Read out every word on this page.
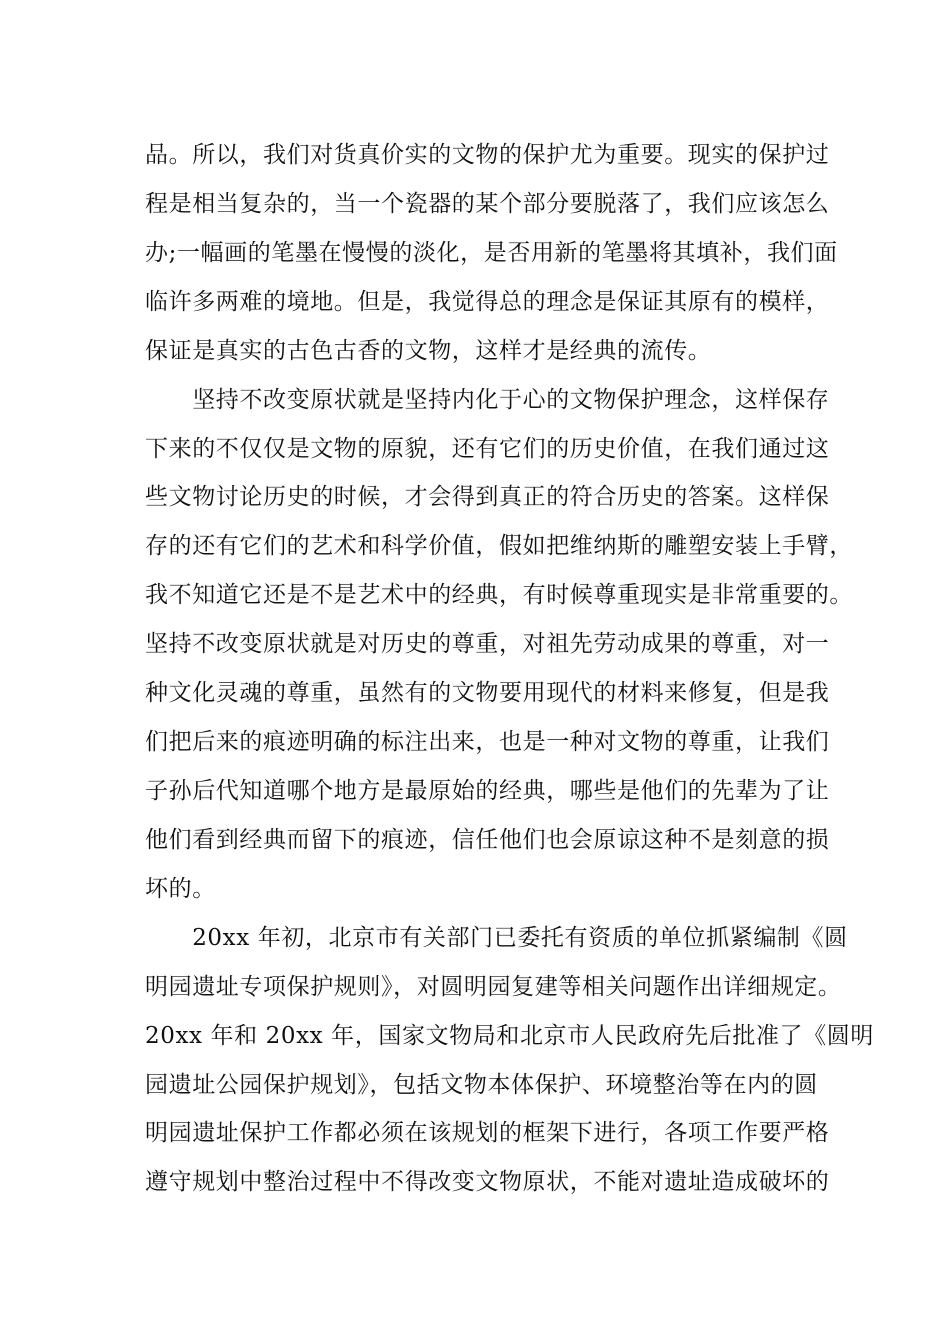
品。所以，我们对货真价实的文物的保护尤为重要。现实的保护过
程是相当复杂的，当一个瓷器的某个部分要脱落了，我们应该怎么
办;一幅画的笔墨在慢慢的淡化，是否用新的笔墨将其填补，我们面
临许多两难的境地。但是，我觉得总的理念是保证其原有的模样，
保证是真实的古色古香的文物，这样才是经典的流传。
　　坚持不改变原状就是坚持内化于心的文物保护理念，这样保存
下来的不仅仅是文物的原貌，还有它们的历史价值，在我们通过这
些文物讨论历史的时候，才会得到真正的符合历史的答案。这样保
存的还有它们的艺术和科学价值，假如把维纳斯的雕塑安装上手臂，
我不知道它还是不是艺术中的经典，有时候尊重现实是非常重要的。
坚持不改变原状就是对历史的尊重，对祖先劳动成果的尊重，对一
种文化灵魂的尊重，虽然有的文物要用现代的材料来修复，但是我
们把后来的痕迹明确的标注出来，也是一种对文物的尊重，让我们
子孙后代知道哪个地方是最原始的经典，哪些是他们的先辈为了让
他们看到经典而留下的痕迹，信任他们也会原谅这种不是刻意的损
坏的。
　　20xx 年初，北京市有关部门已委托有资质的单位抓紧编制《圆
明园遗址专项保护规则》，对圆明园复建等相关问题作出详细规定。
20xx 年和 20xx 年，国家文物局和北京市人民政府先后批准了《圆明
园遗址公园保护规划》，包括文物本体保护、环境整治等在内的圆
明园遗址保护工作都必须在该规划的框架下进行，各项工作要严格
遵守规划中整治过程中不得改变文物原状，不能对遗址造成破坏的
